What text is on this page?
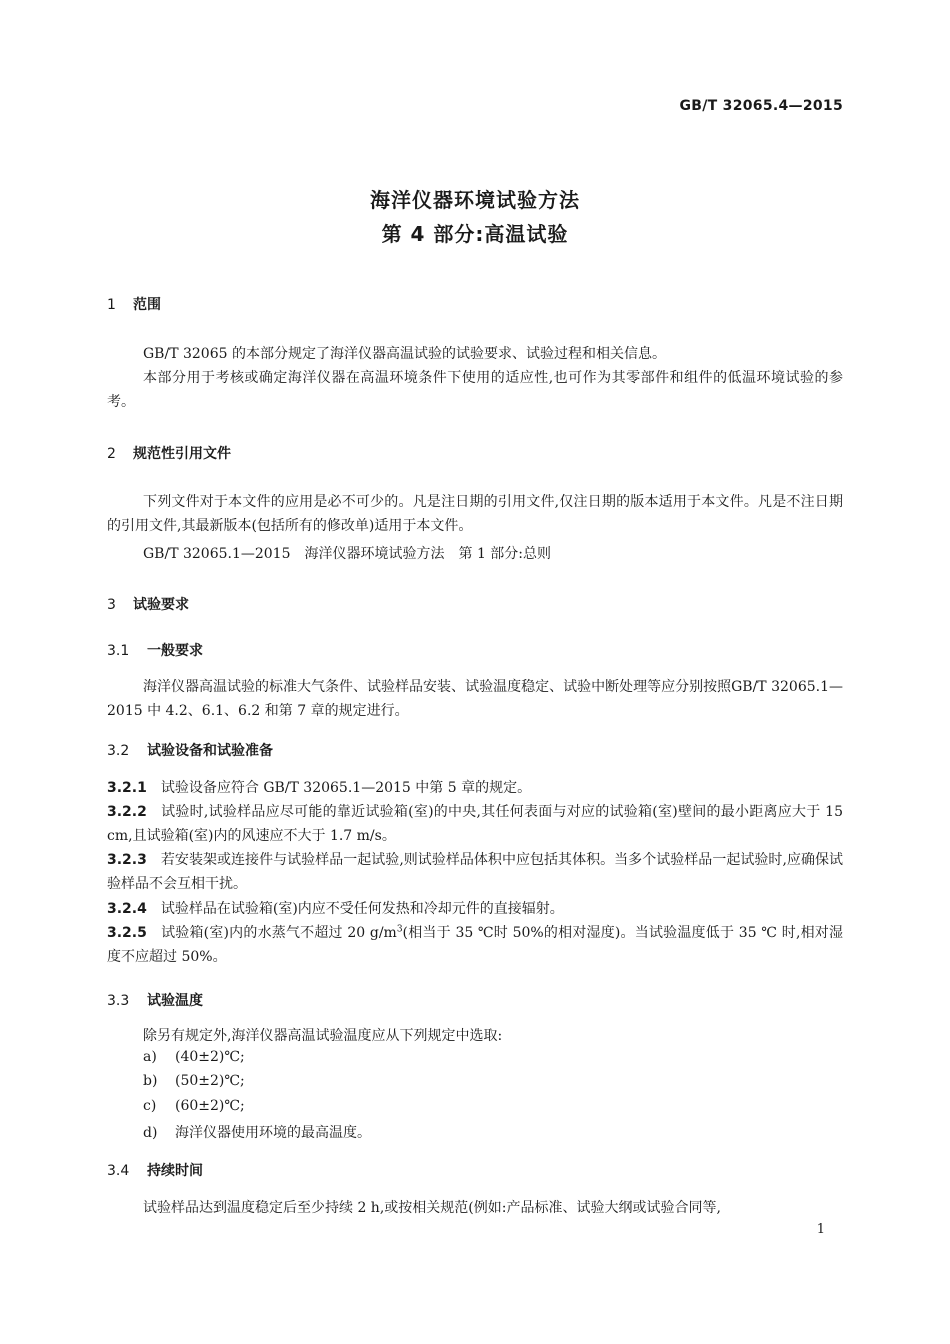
GB/T 32065.4—2015
海洋仪器环境试验方法
第 4 部分:高温试验
1 范围
GB/T 32065 的本部分规定了海洋仪器高温试验的试验要求、试验过程和相关信息。
本部分用于考核或确定海洋仪器在高温环境条件下使用的适应性,也可作为其零部件和组件的低温环境试验的参考。
2 规范性引用文件
下列文件对于本文件的应用是必不可少的。凡是注日期的引用文件,仅注日期的版本适用于本文件。凡是不注日期的引用文件,其最新版本(包括所有的修改单)适用于本文件。
GB/T 32065.1—2015　海洋仪器环境试验方法　第 1 部分:总则
3 试验要求
3.1 一般要求
海洋仪器高温试验的标准大气条件、试验样品安装、试验温度稳定、试验中断处理等应分别按照GB/T 32065.1—2015 中 4.2、6.1、6.2 和第 7 章的规定进行。
3.2 试验设备和试验准备
3.2.1 试验设备应符合 GB/T 32065.1—2015 中第 5 章的规定。
3.2.2 试验时,试验样品应尽可能的靠近试验箱(室)的中央,其任何表面与对应的试验箱(室)壁间的最小距离应大于 15 cm,且试验箱(室)内的风速应不大于 1.7 m/s。
3.2.3 若安装架或连接件与试验样品一起试验,则试验样品体积中应包括其体积。当多个试验样品一起试验时,应确保试验样品不会互相干扰。
3.2.4 试验样品在试验箱(室)内应不受任何发热和冷却元件的直接辐射。
3.2.5 试验箱(室)内的水蒸气不超过 20 $g/m^3$(相当于 35 ℃时 50%的相对湿度)。当试验温度低于 35 ℃ 时,相对湿度不应超过 50%。
3.3 试验温度
除另有规定外,海洋仪器高温试验温度应从下列规定中选取:
a) (40±2)℃;
b) (50±2)℃;
c) (60±2)℃;
d) 海洋仪器使用环境的最高温度。
3.4 持续时间
试验样品达到温度稳定后至少持续 2 h,或按相关规范(例如:产品标准、试验大纲或试验合同等,
1
